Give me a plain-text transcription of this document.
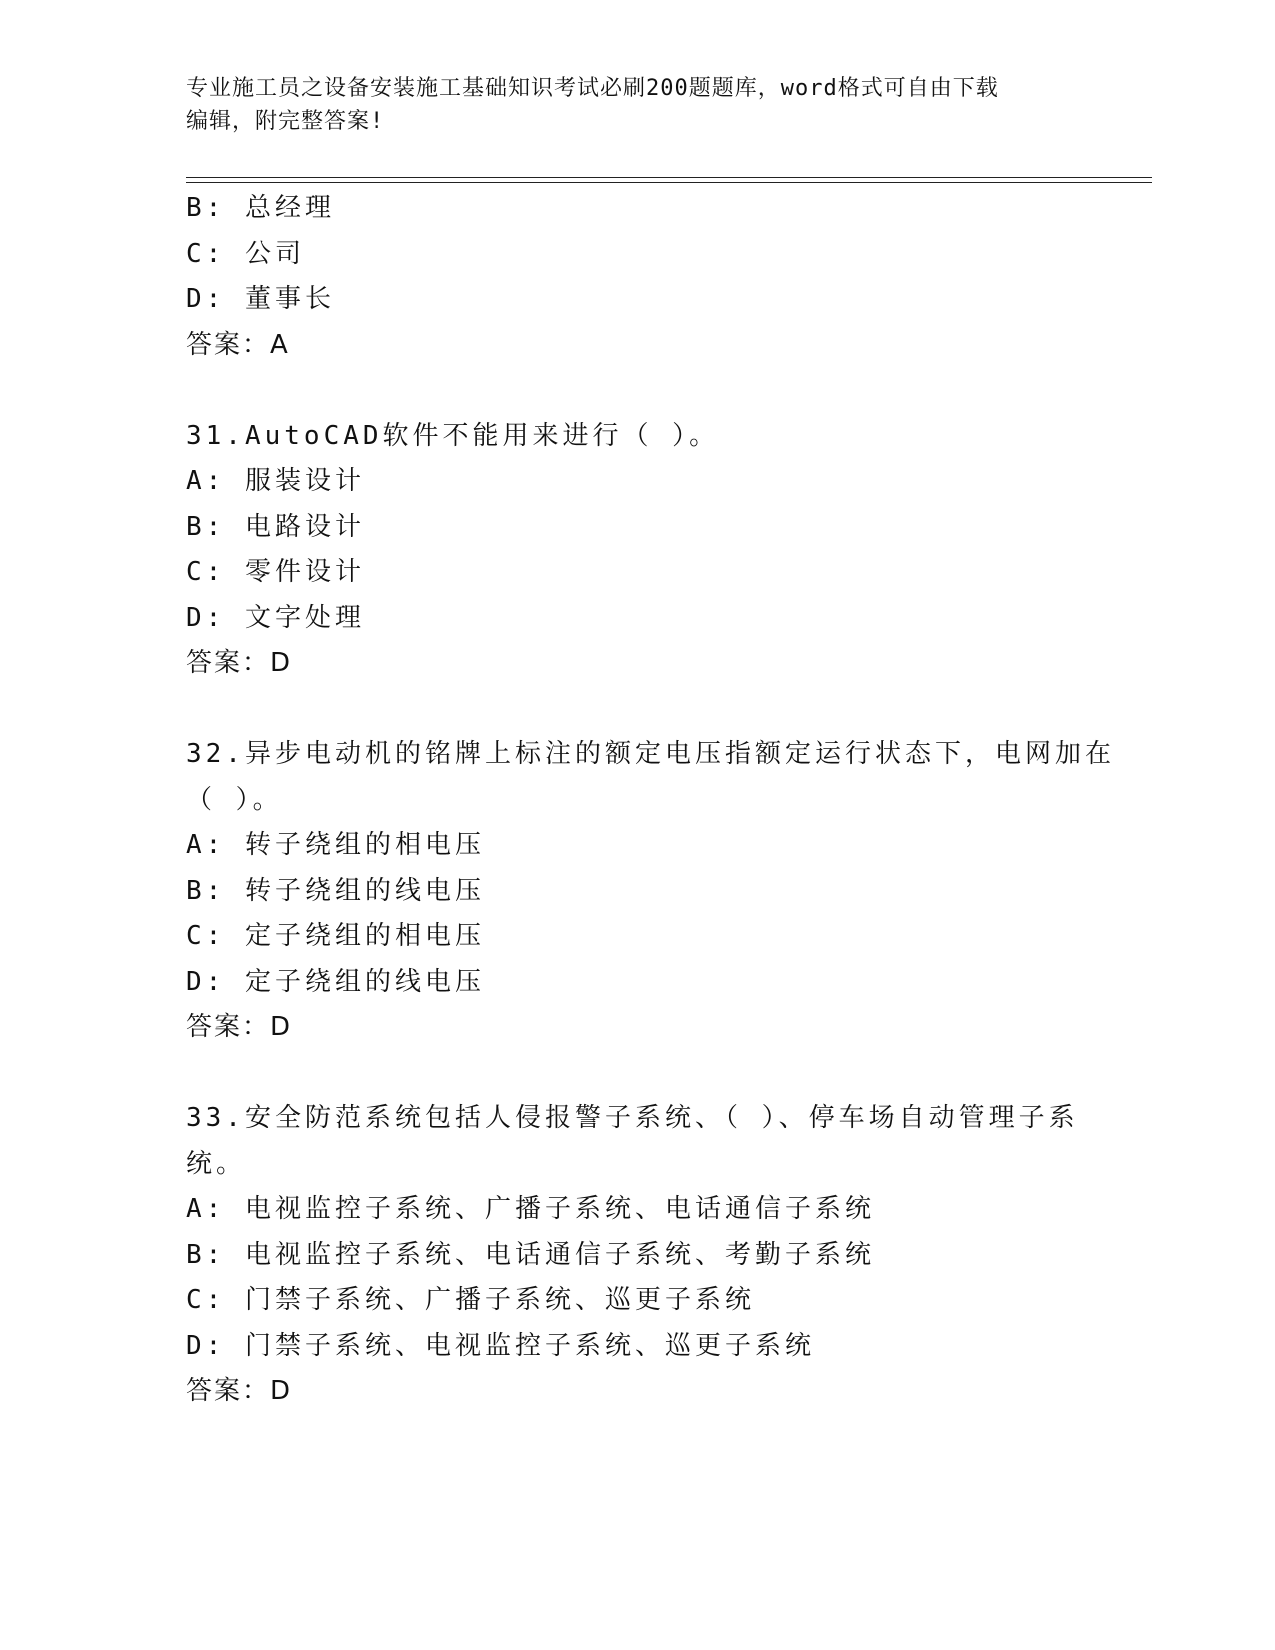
专业施工员之设备安装施工基础知识考试必刷200题题库，word格式可自由下载
编辑，附完整答案!
B: 总经理
C: 公司
D: 董事长
答案：A
31.AutoCAD软件不能用来进行（ ）。
A: 服装设计
B: 电路设计
C: 零件设计
D: 文字处理
答案：D
32.异步电动机的铭牌上标注的额定电压指额定运行状态下，电网加在
（ ）。
A: 转子绕组的相电压
B: 转子绕组的线电压
C: 定子绕组的相电压
D: 定子绕组的线电压
答案：D
33.安全防范系统包括人侵报警子系统、（ ）、停车场自动管理子系
统。
A: 电视监控子系统、广播子系统、电话通信子系统
B: 电视监控子系统、电话通信子系统、考勤子系统
C: 门禁子系统、广播子系统、巡更子系统
D: 门禁子系统、电视监控子系统、巡更子系统
答案：D
